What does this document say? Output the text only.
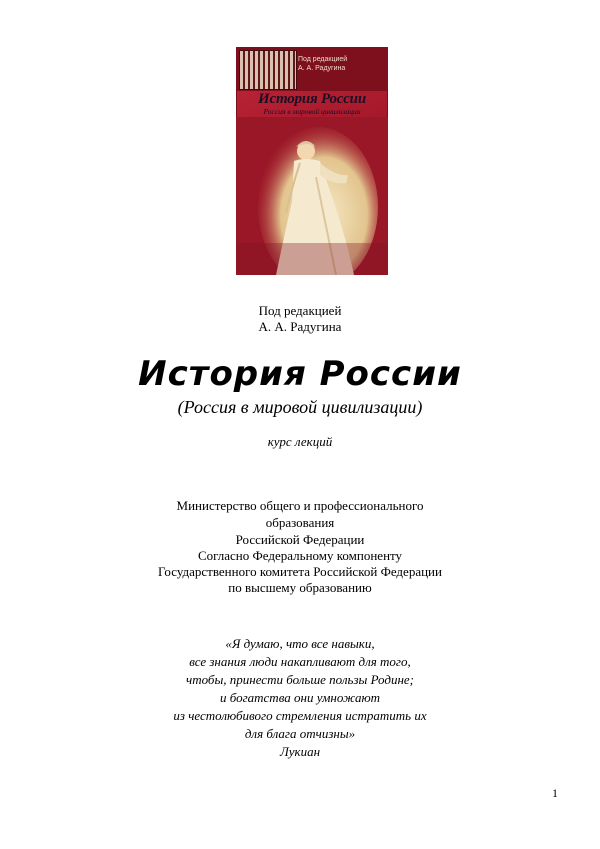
Под редакцией
А. А. Радугина
История России
Россия в мировой цивилизации
Под редакцией
А. А. Радугина
История России
(Россия в мировой цивилизации)
курс лекций
Министерство общего и профессионального
образования
Российской Федерации
Согласно Федеральному компоненту
Государственного комитета Российской Федерации
по высшему образованию
«Я думаю, что все навыки,
все знания люди накапливают для того,
чтобы, принести больше пользы Родине;
и богатства они умножают
из честолюбивого стремления истратить их
для блага отчизны»
Лукиан
1
